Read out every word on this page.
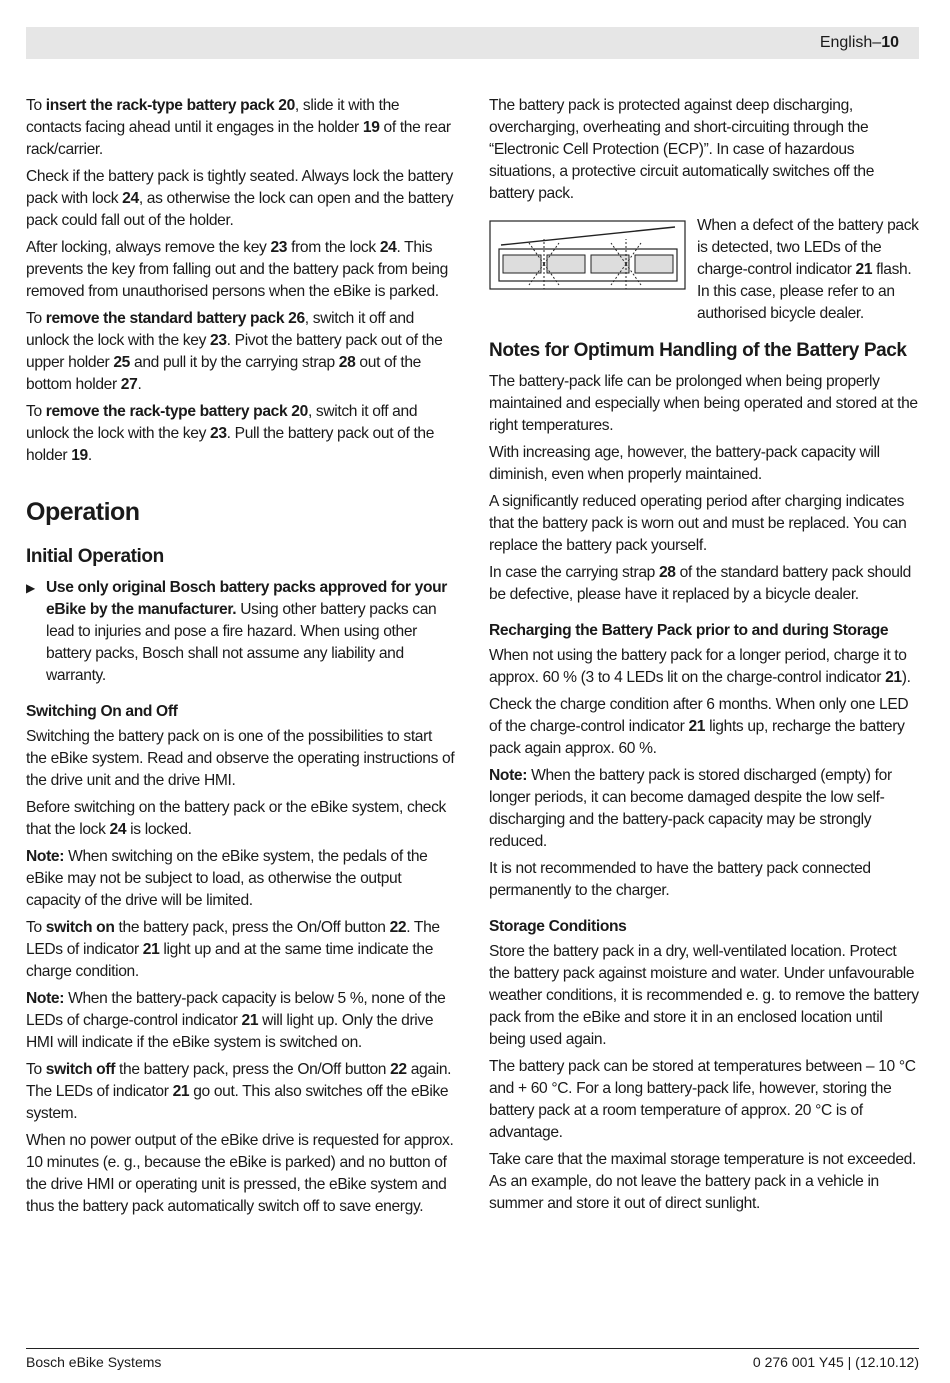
English–10

To insert the rack-type battery pack 20, slide it with the contacts facing ahead until it engages in the holder 19 of the rear rack/carrier.

Check if the battery pack is tightly seated. Always lock the battery pack with lock 24, as otherwise the lock can open and the battery pack could fall out of the holder.

After locking, always remove the key 23 from the lock 24. This prevents the key from falling out and the battery pack from being removed from unauthorised persons when the eBike is parked.

To remove the standard battery pack 26, switch it off and unlock the lock with the key 23. Pivot the battery pack out of the upper holder 25 and pull it by the carrying strap 28 out of the bottom holder 27.

To remove the rack-type battery pack 20, switch it off and unlock the lock with the key 23. Pull the battery pack out of the holder 19.

Operation
Initial Operation
▶ Use only original Bosch battery packs approved for your eBike by the manufacturer. Using other battery packs can lead to injuries and pose a fire hazard. When using other battery packs, Bosch shall not assume any liability and warranty.
Switching On and Off

Switching the battery pack on is one of the possibilities to start the eBike system. Read and observe the operating instructions of the drive unit and the drive HMI.

Before switching on the battery pack or the eBike system, check that the lock 24 is locked.

Note: When switching on the eBike system, the pedals of the eBike may not be subject to load, as otherwise the output capacity of the drive will be limited.

To switch on the battery pack, press the On/Off button 22. The LEDs of indicator 21 light up and at the same time indicate the charge condition.

Note: When the battery-pack capacity is below 5 %, none of the LEDs of charge-control indicator 21 will light up. Only the drive HMI will indicate if the eBike system is switched on.

To switch off the battery pack, press the On/Off button 22 again. The LEDs of indicator 21 go out. This also switches off the eBike system.

When no power output of the eBike drive is requested for approx. 10 minutes (e. g., because the eBike is parked) and no button of the drive HMI or operating unit is pressed, the eBike system and thus the battery pack automatically switch off to save energy.

The battery pack is protected against deep discharging, overcharging, overheating and short-circuiting through the “Electronic Cell Protection (ECP)”. In case of hazardous situations, a protective circuit automatically switches off the battery pack.

When a defect of the battery pack is detected, two LEDs of the charge-control indicator 21 flash. In this case, please refer to an authorised bicycle dealer.

Notes for Optimum Handling of the Battery Pack

The battery-pack life can be prolonged when being properly maintained and especially when being operated and stored at the right temperatures.

With increasing age, however, the battery-pack capacity will diminish, even when properly maintained.

A significantly reduced operating period after charging indicates that the battery pack is worn out and must be replaced. You can replace the battery pack yourself.

In case the carrying strap 28 of the standard battery pack should be defective, please have it replaced by a bicycle dealer.

Recharging the Battery Pack prior to and during Storage

When not using the battery pack for a longer period, charge it to approx. 60 % (3 to 4 LEDs lit on the charge-control indicator 21).

Check the charge condition after 6 months. When only one LED of the charge-control indicator 21 lights up, recharge the battery pack again approx. 60 %.

Note: When the battery pack is stored discharged (empty) for longer periods, it can become damaged despite the low self-discharging and the battery-pack capacity may be strongly reduced.

It is not recommended to have the battery pack connected permanently to the charger.

Storage Conditions

Store the battery pack in a dry, well-ventilated location. Protect the battery pack against moisture and water. Under unfavourable weather conditions, it is recommended e. g. to remove the battery pack from the eBike and store it in an enclosed location until being used again.

The battery pack can be stored at temperatures between – 10 °C and + 60 °C. For a long battery-pack life, however, storing the battery pack at a room temperature of approx. 20 °C is of advantage.

Take care that the maximal storage temperature is not exceeded. As an example, do not leave the battery pack in a vehicle in summer and store it out of direct sunlight.

Bosch eBike Systems	0 276 001 Y45 | (12.10.12)
